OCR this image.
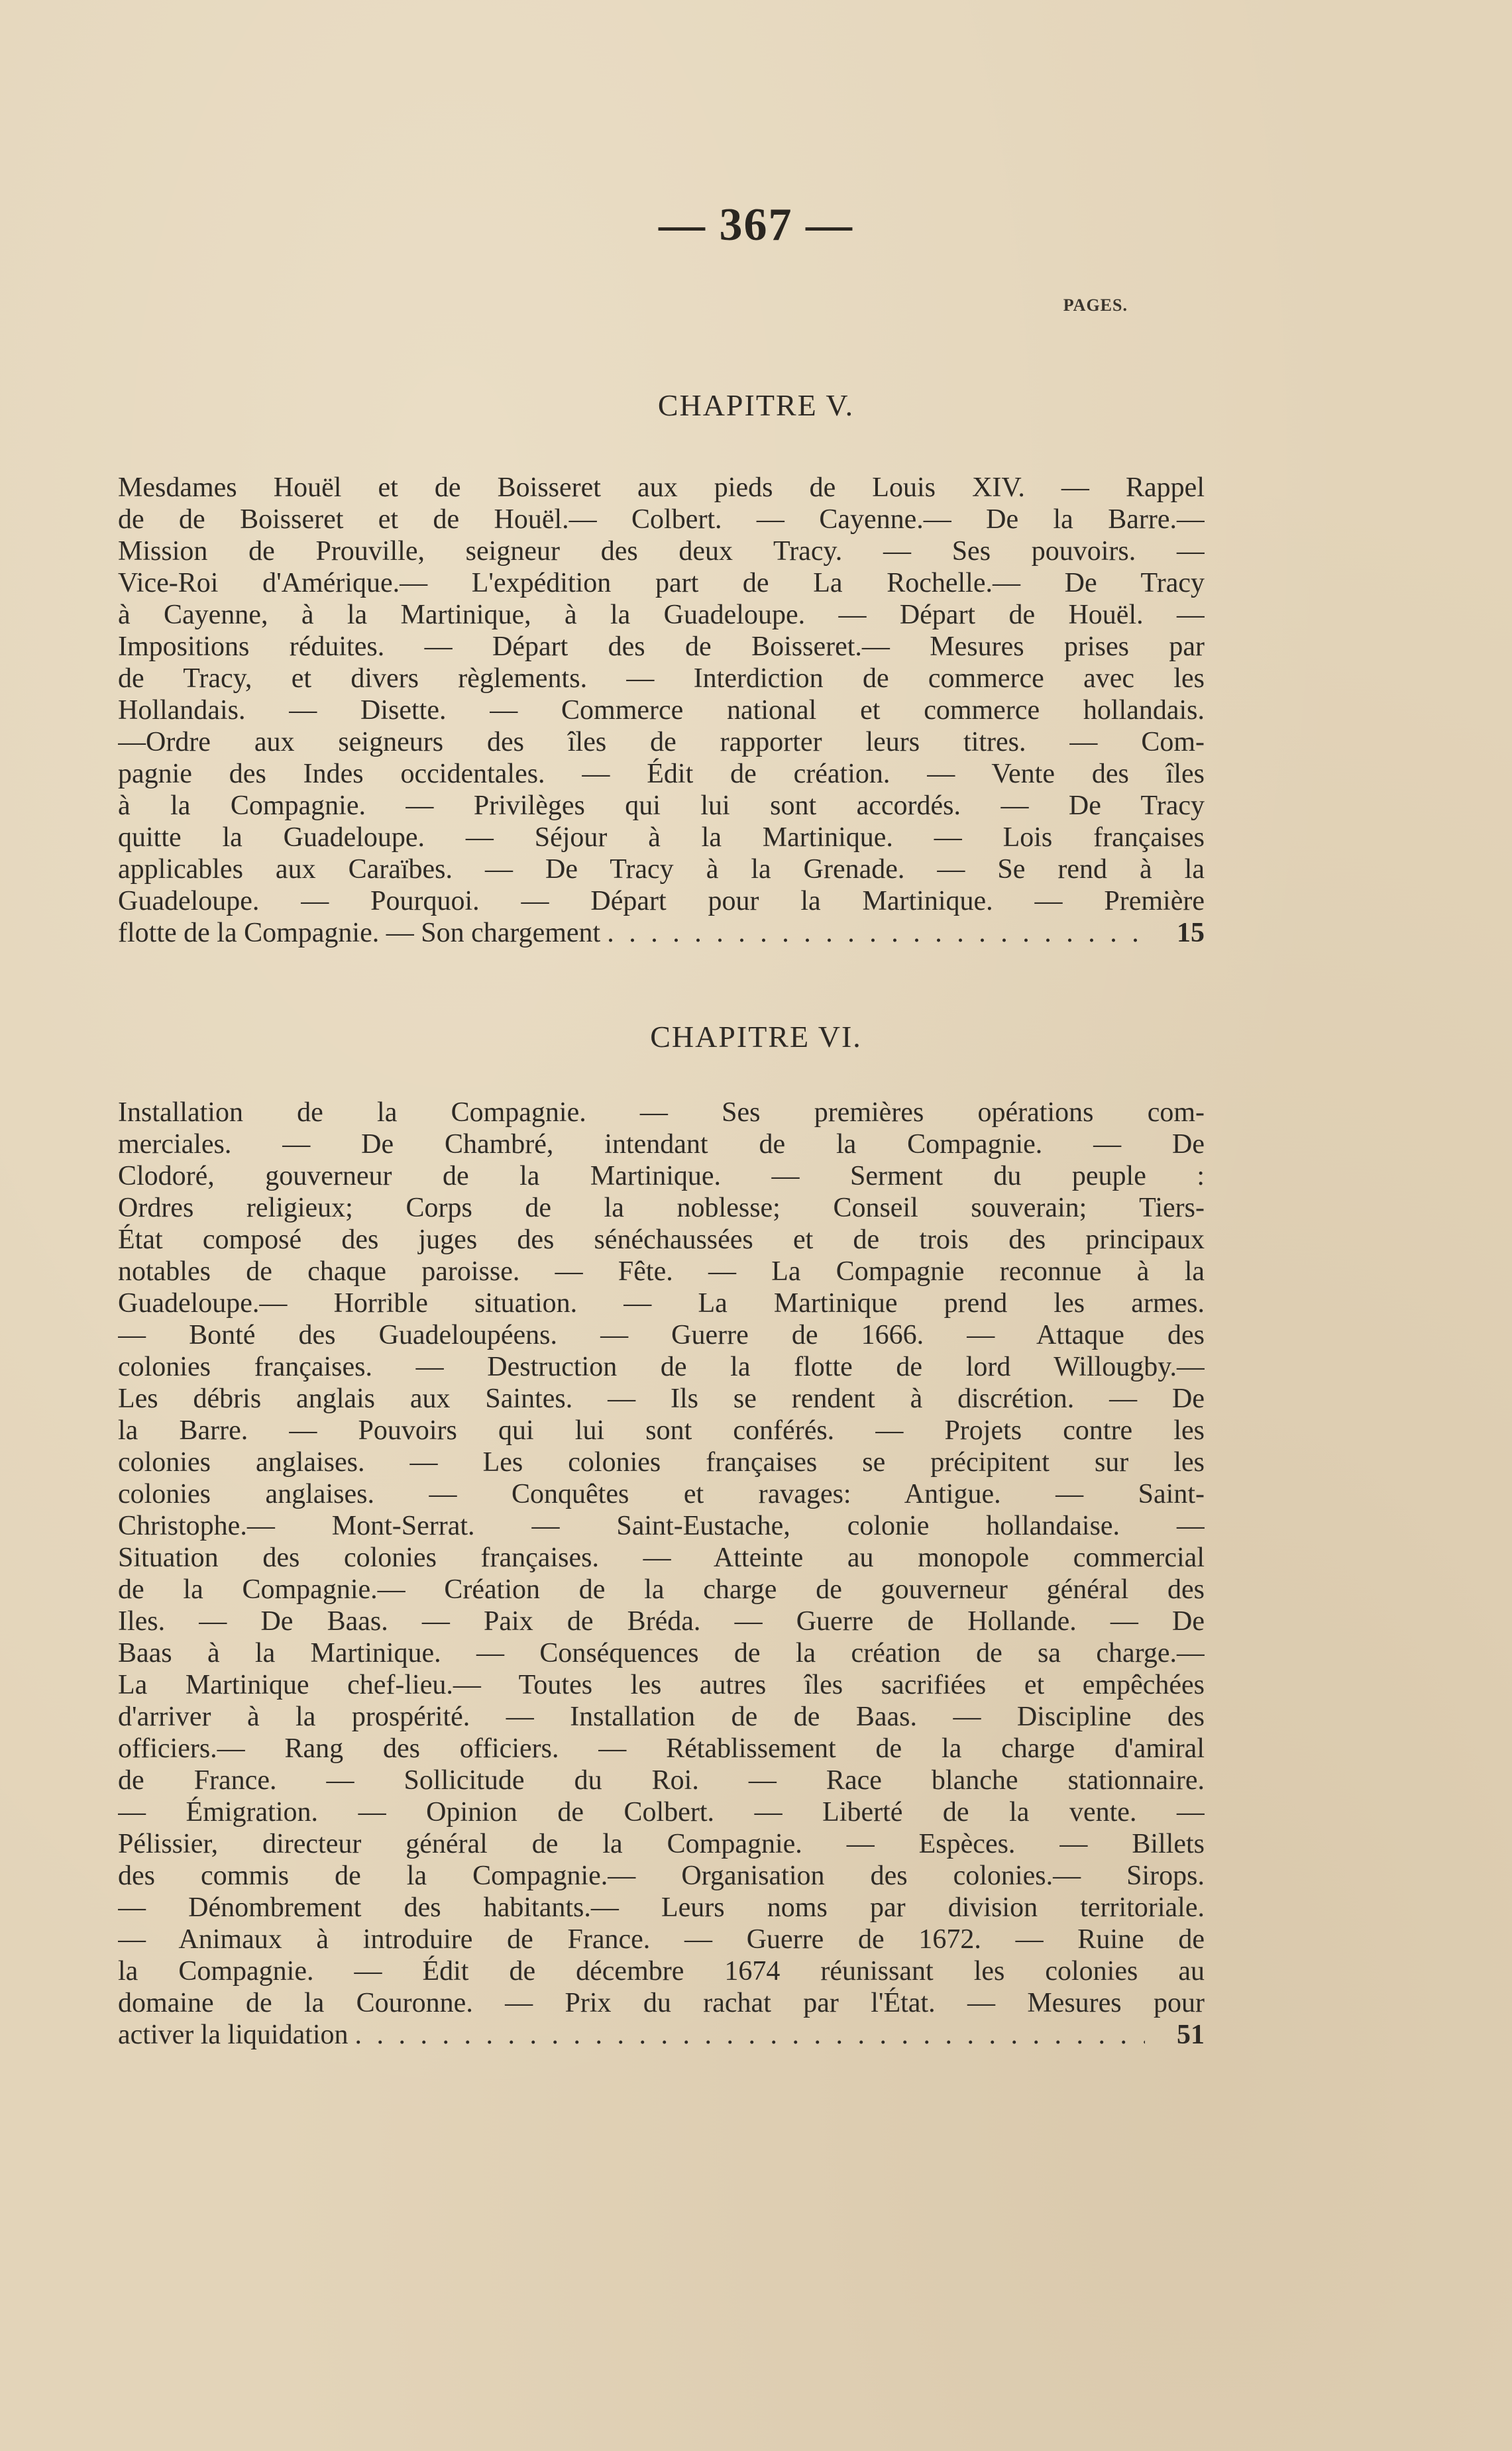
— 367 —
PAGES.
CHAPITRE V.
Mesdames Houël et de Boisseret aux pieds de Louis XIV. — Rappel
de de Boisseret et de Houël.— Colbert. — Cayenne.— De la Barre.—
Mission de Prouville, seigneur des deux Tracy. — Ses pouvoirs. —
Vice-Roi d'Amérique.— L'expédition part de La Rochelle.— De Tracy
à Cayenne, à la Martinique, à la Guadeloupe. — Départ de Houël. —
Impositions réduites. — Départ des de Boisseret.— Mesures prises par
de Tracy, et divers règlements. — Interdiction de commerce avec les
Hollandais. — Disette. — Commerce national et commerce hollandais.
—Ordre aux seigneurs des îles de rapporter leurs titres. — Com-
pagnie des Indes occidentales. — Édit de création. — Vente des îles
à la Compagnie. — Privilèges qui lui sont accordés. — De Tracy
quitte la Guadeloupe. — Séjour à la Martinique. — Lois françaises
applicables aux Caraïbes. — De Tracy à la Grenade. — Se rend à la
Guadeloupe. — Pourquoi. — Départ pour la Martinique. — Première
flotte de la Compagnie. — Son chargement . . .	15
CHAPITRE VI.
Installation de la Compagnie. — Ses premières opérations com-
merciales. — De Chambré, intendant de la Compagnie. — De
Clodoré, gouverneur de la Martinique. — Serment du peuple :
Ordres religieux; Corps de la noblesse; Conseil souverain; Tiers-
État composé des juges des sénéchaussées et de trois des principaux
notables de chaque paroisse. — Fête. — La Compagnie reconnue à la
Guadeloupe.— Horrible situation. — La Martinique prend les armes.
— Bonté des Guadeloupéens. — Guerre de 1666. — Attaque des
colonies françaises. — Destruction de la flotte de lord Willougby.—
Les débris anglais aux Saintes. — Ils se rendent à discrétion. — De
la Barre. — Pouvoirs qui lui sont conférés. — Projets contre les
colonies anglaises. — Les colonies françaises se précipitent sur les
colonies anglaises. — Conquêtes et ravages: Antigue. — Saint-
Christophe.— Mont-Serrat. — Saint-Eustache, colonie hollandaise. —
Situation des colonies françaises. — Atteinte au monopole commercial
de la Compagnie.— Création de la charge de gouverneur général des
Iles. — De Baas. — Paix de Bréda. — Guerre de Hollande. — De
Baas à la Martinique. — Conséquences de la création de sa charge.—
La Martinique chef-lieu.— Toutes les autres îles sacrifiées et empêchées
d'arriver à la prospérité. — Installation de de Baas. — Discipline des
officiers.— Rang des officiers. — Rétablissement de la charge d'amiral
de France. — Sollicitude du Roi. — Race blanche stationnaire.
— Émigration. — Opinion de Colbert. — Liberté de la vente. —
Pélissier, directeur général de la Compagnie. — Espèces. — Billets
des commis de la Compagnie.— Organisation des colonies.— Sirops.
— Dénombrement des habitants.— Leurs noms par division territoriale.
— Animaux à introduire de France. — Guerre de 1672. — Ruine de
la Compagnie. — Édit de décembre 1674 réunissant les colonies au
domaine de la Couronne. — Prix du rachat par l'État. — Mesures pour
activer la liquidation . . .	51
